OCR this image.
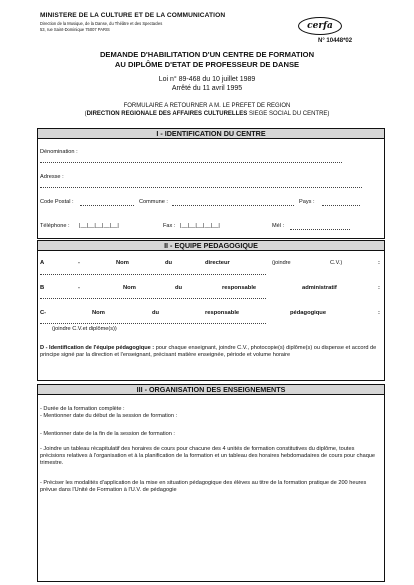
MINISTERE DE LA CULTURE ET DE LA COMMUNICATION
Direction de la Musique, de la Danse, du Théâtre et des Spectacles
53, rue Saint-Dominique 75007 PARIS	cerfa
N° 10448*02
DEMANDE D'HABILITATION D'UN CENTRE DE FORMATION
AU DIPLÔME D'ETAT DE PROFESSEUR DE DANSE
Loi n° 89-468 du 10 juillet 1989
Arrêté du 11 avril 1995
FORMULAIRE A RETOURNER A M. LE PREFET DE REGION
(DIRECTION REGIONALE DES AFFAIRES CULTURELLES SIEGE SOCIAL DU CENTRE)
I - IDENTIFICATION DU CENTRE
Dénomination :
Adresse :
Code Postal :	Commune :	Pays :
Téléphone : |__|__|__|__|__|	Fax : |__|__|__|__|__|	Mél :
II - EQUIPE PEDAGOGIQUE
A	-	Nom	du	directeur	(joindre	C.V.)	:
B	-	Nom	du	responsable	administratif	:
C-	Nom	du	responsable	pédagogique	:
(joindre C.V.et diplôme(s))
D - Identification de l'équipe pédagogique : pour chaque enseignant, joindre C.V., photocopie(s) diplôme(s) ou dispense et accord de principe signé par la direction et l'enseignant, précisant matière enseignée, période et volume horaire
III - ORGANISATION DES ENSEIGNEMENTS
- Durée de la formation complète :
- Mentionner date du début de la session de formation :
- Mentionner date de la fin de la session de formation :
- Joindre un tableau récapitulatif des horaires de cours pour chacune des 4 unités de formation constitutives du diplôme, toutes précisions relatives à l'organisation et à la planification de la formation et un tableau des horaires hebdomadaires de cours pour chaque trimestre.
- Préciser les modalités d'application de la mise en situation pédagogique des élèves au titre de la formation pratique de 200 heures prévue dans l'Unité de Formation à l'U.V. de pédagogie
